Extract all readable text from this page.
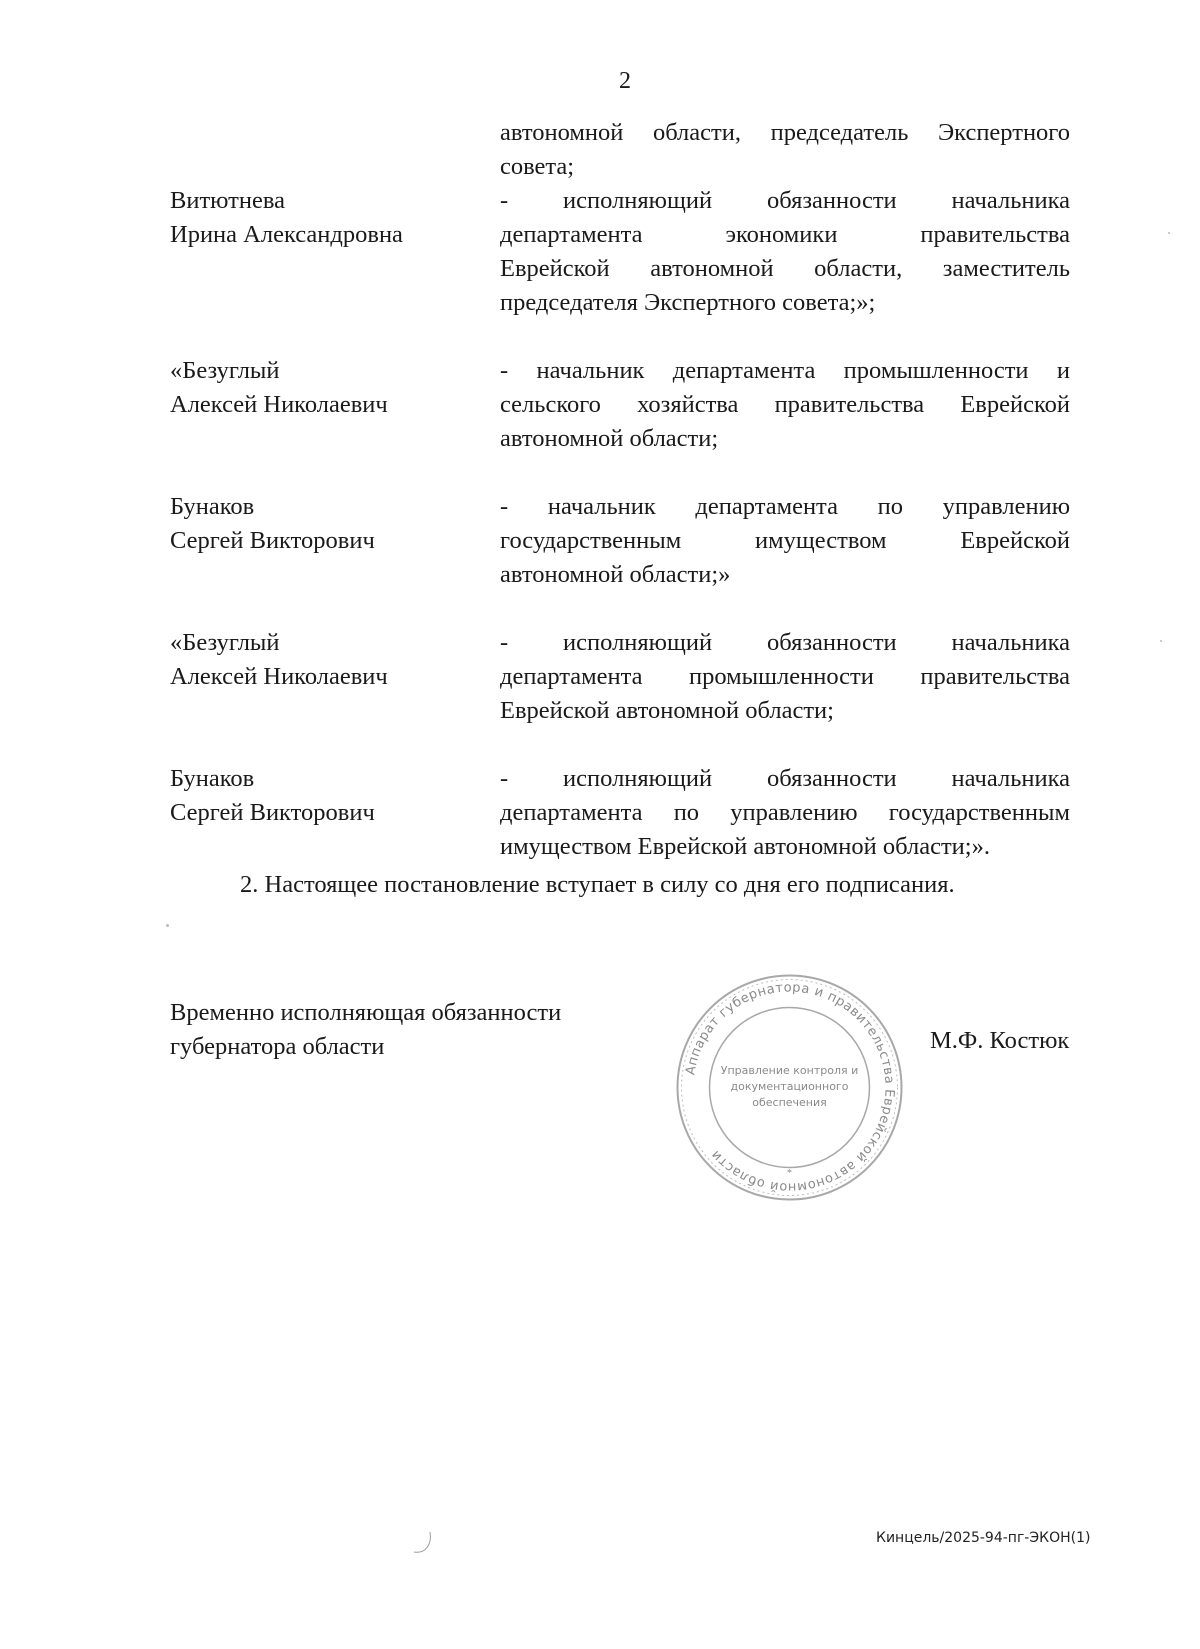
2
автономной области, председатель Экспертного
совета;
Витютнева
Ирина Александровна
- исполняющий обязанности начальника
департамента экономики правительства
Еврейской автономной области, заместитель
председателя Экспертного совета;»;
«Безуглый
Алексей Николаевич
- начальник департамента промышленности и
сельского хозяйства правительства Еврейской
автономной области;
Бунаков
Сергей Викторович
- начальник департамента по управлению
государственным имуществом Еврейской
автономной области;»
«Безуглый
Алексей Николаевич
- исполняющий обязанности начальника
департамента промышленности правительства
Еврейской автономной области;
Бунаков
Сергей Викторович
- исполняющий обязанности начальника
департамента по управлению государственным
имуществом Еврейской автономной области;».
2. Настоящее постановление вступает в силу со дня его подписания.
Временно исполняющая обязанности
губернатора области	М.Ф. Костюк
Аппарат губернатора и правительства Еврейской автономной области
Управление контроля и
документационного
обеспечения
*
Кинцель/2025-94-пг-ЭКОН(1)
